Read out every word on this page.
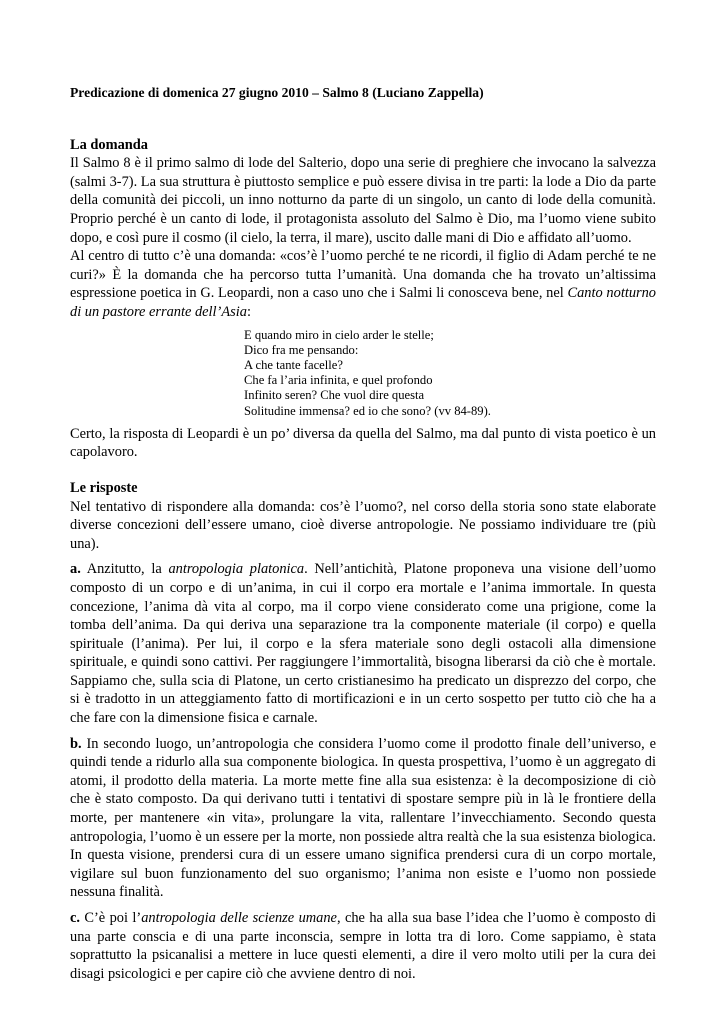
Predicazione di domenica 27 giugno 2010 – Salmo 8 (Luciano Zappella)

La domanda

Il Salmo 8 è il primo salmo di lode del Salterio, dopo una serie di preghiere che invocano la salvezza (salmi 3-7). La sua struttura è piuttosto semplice e può essere divisa in tre parti: la lode a Dio da parte della comunità dei piccoli, un inno notturno da parte di un singolo, un canto di lode della comunità. Proprio perché è un canto di lode, il protagonista assoluto del Salmo è Dio, ma l’uomo viene subito dopo, e così pure il cosmo (il cielo, la terra, il mare), uscito dalle mani di Dio e affidato all’uomo.

Al centro di tutto c’è una domanda: «cos’è l’uomo perché te ne ricordi, il figlio di Adam perché te ne curi?» È la domanda che ha percorso tutta l’umanità. Una domanda che ha trovato un’altissima espressione poetica in G. Leopardi, non a caso uno che i Salmi li conosceva bene, nel Canto notturno di un pastore errante dell’Asia:

E quando miro in cielo arder le stelle;
Dico fra me pensando:
A che tante facelle?
Che fa l’aria infinita, e quel profondo
Infinito seren? Che vuol dire questa
Solitudine immensa? ed io che sono? (vv 84-89).

Certo, la risposta di Leopardi è un po’ diversa da quella del Salmo, ma dal punto di vista poetico è un capolavoro.

Le risposte

Nel tentativo di rispondere alla domanda: cos’è l’uomo?, nel corso della storia sono state elaborate diverse concezioni dell’essere umano, cioè diverse antropologie. Ne possiamo individuare tre (più una).

a. Anzitutto, la antropologia platonica. Nell’antichità, Platone proponeva una visione dell’uomo composto di un corpo e di un’anima, in cui il corpo era mortale e l’anima immortale. In questa concezione, l’anima dà vita al corpo, ma il corpo viene considerato come una prigione, come la tomba dell’anima. Da qui deriva una separazione tra la componente materiale (il corpo) e quella spirituale (l’anima). Per lui, il corpo e la sfera materiale sono degli ostacoli alla dimensione spirituale, e quindi sono cattivi. Per raggiungere l’immortalità, bisogna liberarsi da ciò che è mortale. Sappiamo che, sulla scia di Platone, un certo cristianesimo ha predicato un disprezzo del corpo, che si è tradotto in un atteggiamento fatto di mortificazioni e in un certo sospetto per tutto ciò che ha a che fare con la dimensione fisica e carnale.

b. In secondo luogo, un’antropologia che considera l’uomo come il prodotto finale dell’universo, e quindi tende a ridurlo alla sua componente biologica. In questa prospettiva, l’uomo è un aggregato di atomi, il prodotto della materia. La morte mette fine alla sua esistenza: è la decomposizione di ciò che è stato composto. Da qui derivano tutti i tentativi di spostare sempre più in là le frontiere della morte, per mantenere «in vita», prolungare la vita, rallentare l’invecchiamento. Secondo questa antropologia, l’uomo è un essere per la morte, non possiede altra realtà che la sua esistenza biologica. In questa visione, prendersi cura di un essere umano significa prendersi cura di un corpo mortale, vigilare sul buon funzionamento del suo organismo; l’anima non esiste e l’uomo non possiede nessuna finalità.

c. C’è poi l’antropologia delle scienze umane, che ha alla sua base l’idea che l’uomo è composto di una parte conscia e di una parte inconscia, sempre in lotta tra di loro. Come sappiamo, è stata soprattutto la psicanalisi a mettere in luce questi elementi, a dire il vero molto utili per la cura dei disagi psicologici e per capire ciò che avviene dentro di noi.
